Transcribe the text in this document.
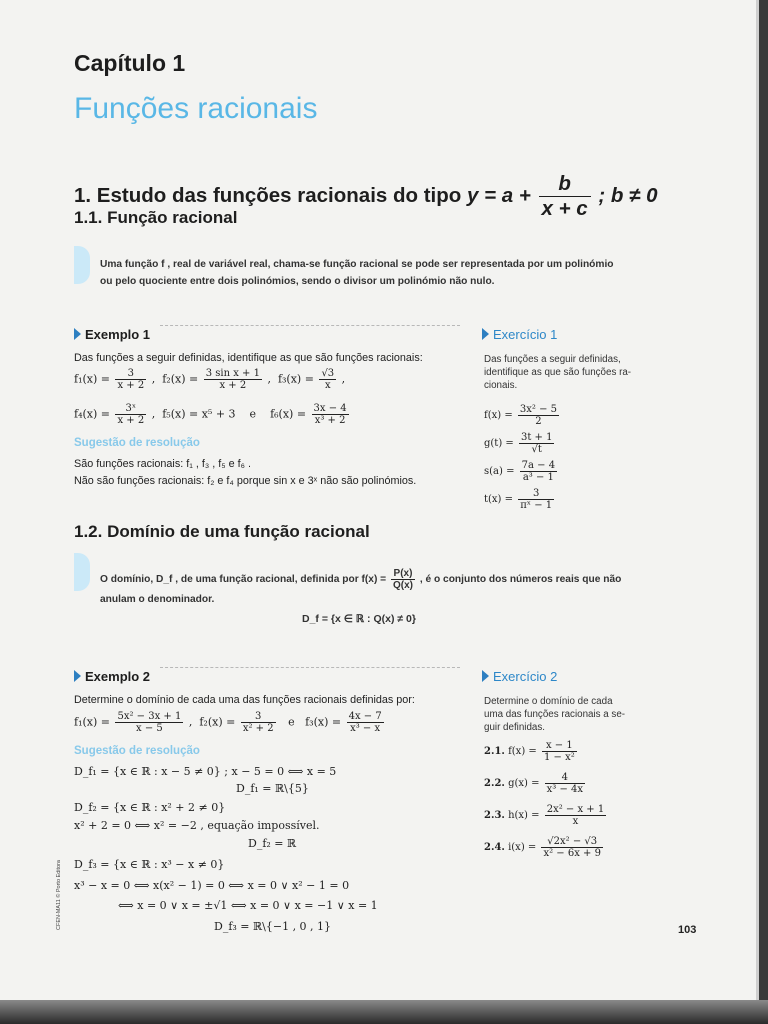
Capítulo 1
Funções racionais
1. Estudo das funções racionais do tipo $y = a + \frac{b}{x + c}$ ; b ≠ 0
1.1. Função racional
Uma função f , real de variável real, chama-se função racional se pode ser representada por um polinómio
ou pelo quociente entre dois polinómios, sendo o divisor um polinómio não nulo.
Exemplo 1
Das funções a seguir definidas, identifique as que são funções racionais:
$f_1(x) = \frac{3}{x + 2}$ ,  $f_2(x) = \frac{\text{3 sin x + 1}}{x + 2}$ ,  $f_3(x) = \frac{√3}{x}$ ,
$f_4(x) = \frac{\text{3ˣ}}{x + 2}$ ,  f₅(x) = x⁵ + 3 e $f_6(x) = \frac{3x - 4}{\text{x³ + 2}}$
Sugestão de resolução
São funções racionais: f₁ , f₃ , f₅ e f₆ .
Não são funções racionais: f₂ e f₄ porque sin x e 3ˣ não são polinómios.
Exercício 1
Das funções a seguir definidas,
identifique as que são funções ra-
cionais.
$f(x) = \frac{\text{3x² − 5}}{2}$
$g(t) = \frac{3t + 1}{√t}$
$s(a) = \frac{7a - 4}{\text{a³ − 1}}$
$t(x) = \frac{3}{\text{πˣ − 1}}$
1.2. Domínio de uma função racional
O domínio, D_f , de uma função racional, definida por $f(x) = \frac{P(x)}{Q(x)}$ , é o conjunto dos números reais que não
anulam o denominador.
D_f = {x ∈ ℝ : Q(x) ≠ 0}
Exemplo 2
Determine o domínio de cada uma das funções racionais definidas por:
$f_1(x) = \frac{\text{5x² − 3x + 1}}{x - 5}$ ,  $f_2(x) = \frac{3}{\text{x² + 2}}$ e $f_3(x) = \frac{4x - 7}{\text{x³ − x}}$
Sugestão de resolução
D_f₁ = {x ∈ ℝ : x − 5 ≠ 0} ; x − 5 = 0 ⟺ x = 5
D_f₁ = ℝ\{5}
D_f₂ = {x ∈ ℝ : x² + 2 ≠ 0}
x² + 2 = 0 ⟺ x² = −2 , equação impossível.
D_f₂ = ℝ
D_f₃ = {x ∈ ℝ : x³ − x ≠ 0}
x³ − x = 0 ⟺ x(x² − 1) = 0 ⟺ x = 0 ∨ x² − 1 = 0
⟺ x = 0 ∨ x = ±√1 ⟺ x = 0 ∨ x = −1 ∨ x = 1
D_f₃ = ℝ\{−1 , 0 , 1}
Exercício 2
Determine o domínio de cada
uma das funções racionais a se-
guir definidas.
2.1. $f(x) = \frac{x - 1}{\text{1 − x²}}$
2.2. $g(x) = \frac{4}{\text{x³ − 4x}}$
2.3. $h(x) = \frac{\text{2x² − x + 1}}{x}$
2.4. $i(x) = \frac{\text{√2x² − √3}}{\text{x² − 6x + 9}}$
CFEN-MA11 © Porto Editora	103
